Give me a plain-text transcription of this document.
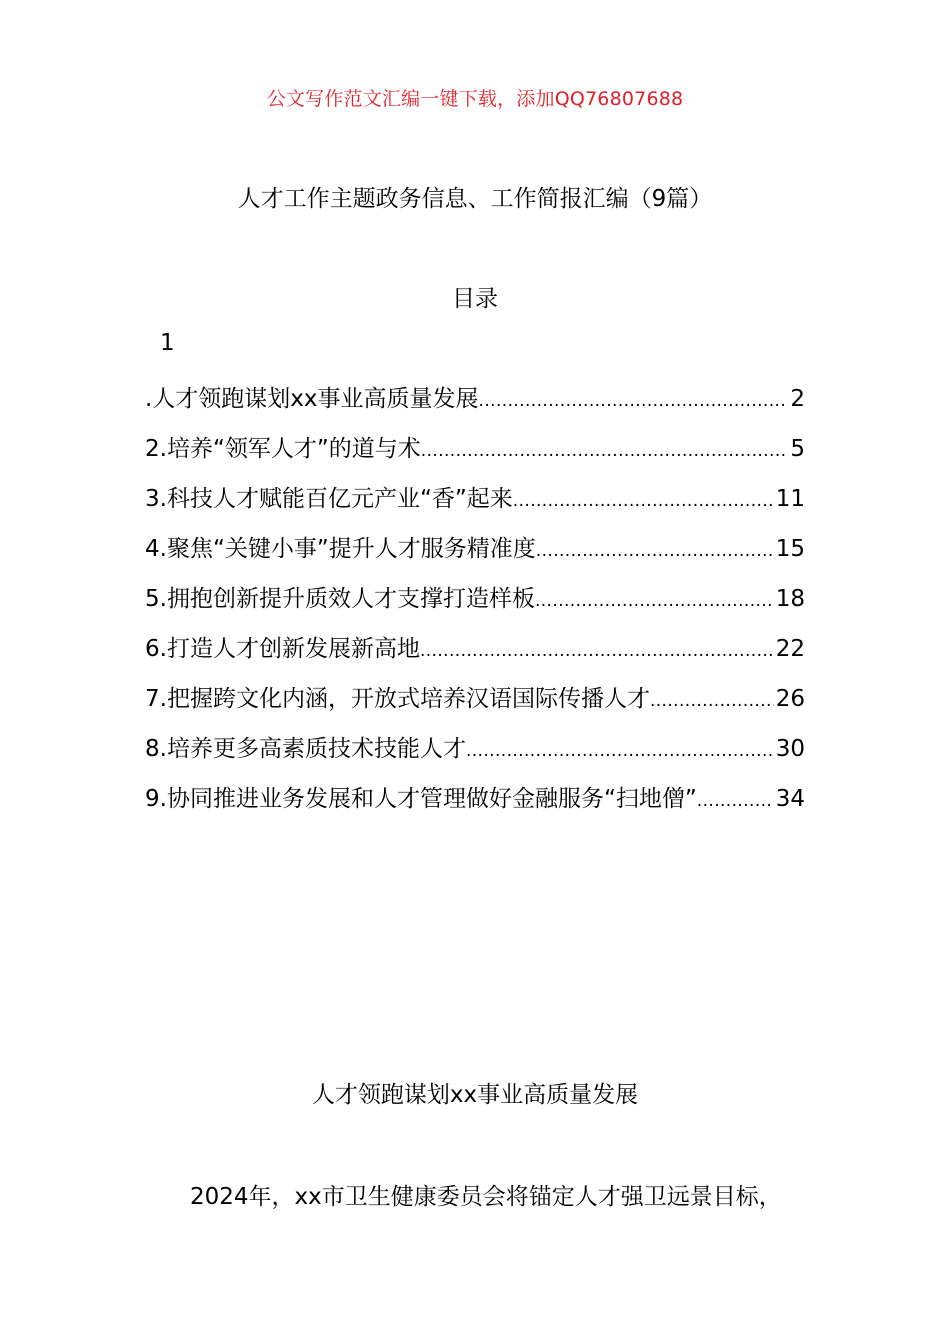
公文写作范文汇编一键下载，添加QQ76807688
人才工作主题政务信息、工作简报汇编（9篇）
目录
1
.人才领跑谋划xx事业高质量发展 .....	2
2.培养“领军人才”的道与术 .....	5
3.科技人才赋能百亿元产业“香”起来 .....	11
4.聚焦“关键小事”提升人才服务精准度 .....	15
5.拥抱创新提升质效人才支撑打造样板 .....	18
6.打造人才创新发展新高地 .....	22
7.把握跨文化内涵，开放式培养汉语国际传播人才 .....	26
8.培养更多高素质技术技能人才 .....	30
9.协同推进业务发展和人才管理做好金融服务“扫地僧” .....	34
人才领跑谋划xx事业高质量发展
2024年，xx市卫生健康委员会将锚定人才强卫远景目标，
